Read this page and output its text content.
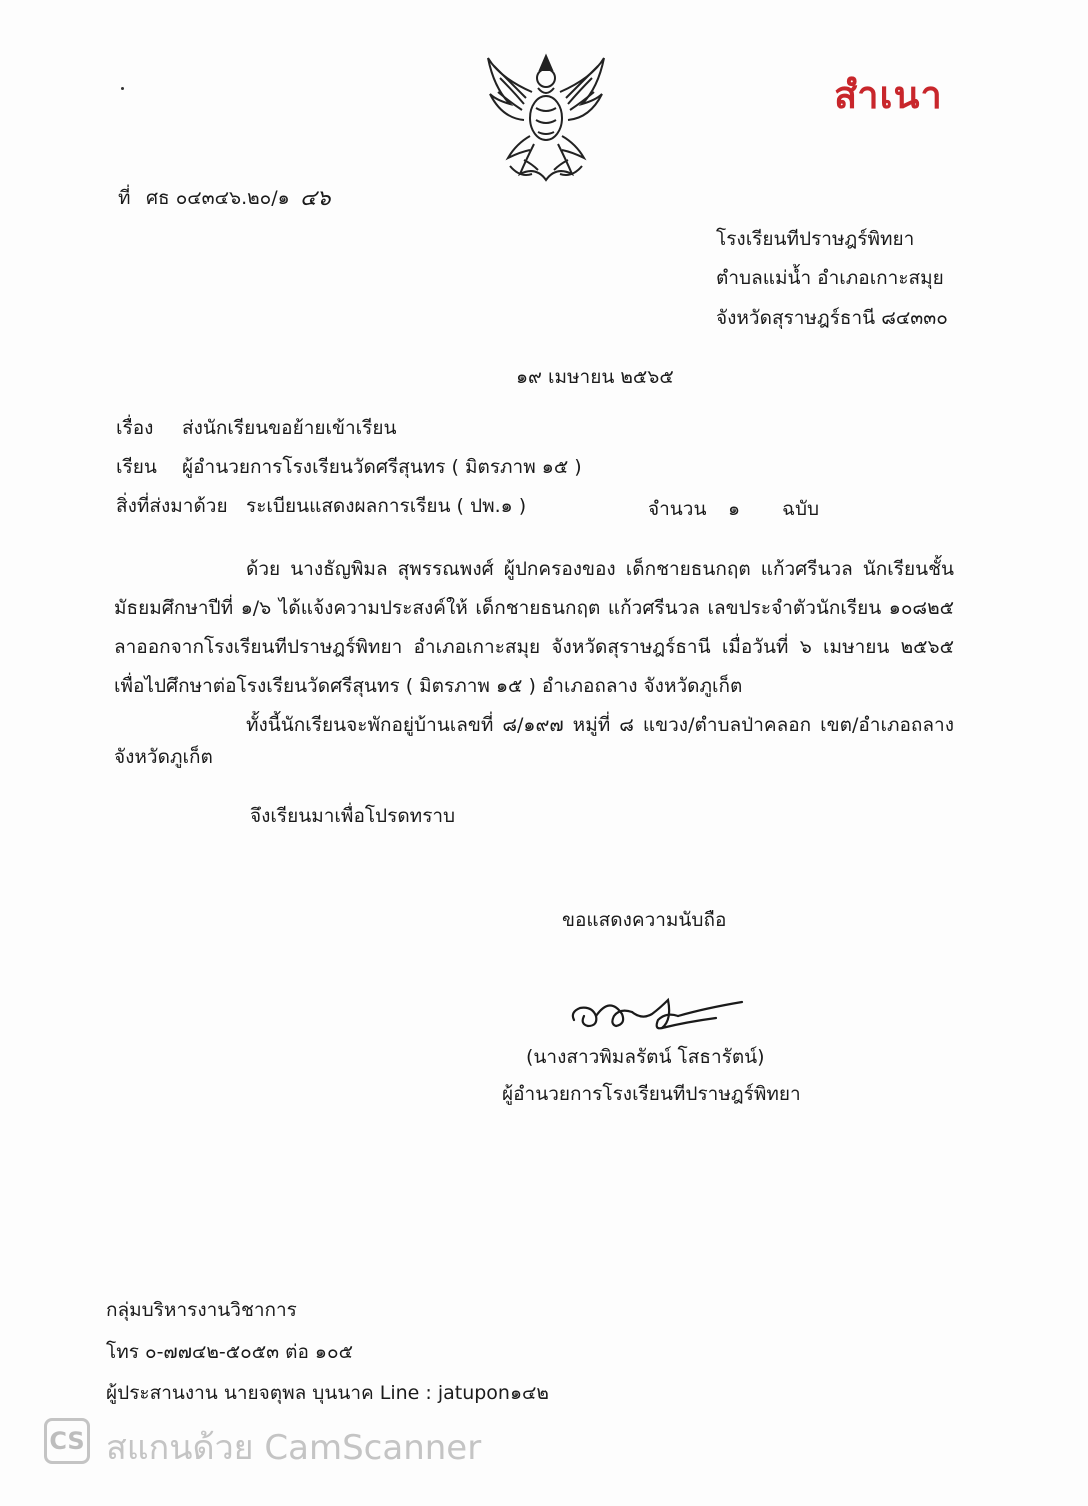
สำเนา
ที่ ศธ ๐๔๓๔๖.๒๐/๑ ๔๖
โรงเรียนทีปราษฎร์พิทยา
ตำบลแม่น้ำ อำเภอเกาะสมุย
จังหวัดสุราษฎร์ธานี ๘๔๓๓๐
๑๙ เมษายน ๒๕๖๕
เรื่อง ส่งนักเรียนขอย้ายเข้าเรียน
เรียน ผู้อำนวยการโรงเรียนวัดศรีสุนทร ( มิตรภาพ ๑๕ )
สิ่งที่ส่งมาด้วย ระเบียนแสดงผลการเรียน ( ปพ.๑ )	จำนวน ๑ ฉบับ
ด้วย นางธัญพิมล สุพรรณพงศ์ ผู้ปกครองของ เด็กชายธนกฤต แก้วศรีนวล นักเรียนชั้น
มัธยมศึกษาปีที่ ๑/๖ ได้แจ้งความประสงค์ให้ เด็กชายธนกฤต แก้วศรีนวล เลขประจำตัวนักเรียน ๑๐๘๒๕
ลาออกจากโรงเรียนทีปราษฎร์พิทยา อำเภอเกาะสมุย จังหวัดสุราษฎร์ธานี เมื่อวันที่ ๖ เมษายน ๒๕๖๕
เพื่อไปศึกษาต่อโรงเรียนวัดศรีสุนทร ( มิตรภาพ ๑๕ ) อำเภอถลาง จังหวัดภูเก็ต
ทั้งนี้นักเรียนจะพักอยู่บ้านเลขที่ ๘/๑๙๗ หมู่ที่ ๘ แขวง/ตำบลป่าคลอก เขต/อำเภอถลาง
จังหวัดภูเก็ต
จึงเรียนมาเพื่อโปรดทราบ
ขอแสดงความนับถือ
(นางสาวพิมลรัตน์ โสธารัตน์)
ผู้อำนวยการโรงเรียนทีปราษฎร์พิทยา
กลุ่มบริหารงานวิชาการ
โทร ๐-๗๗๔๒-๕๐๕๓ ต่อ ๑๐๕
ผู้ประสานงาน นายจตุพล บุนนาค Line : jatupon๑๔๒
CS สแกนด้วย CamScanner
